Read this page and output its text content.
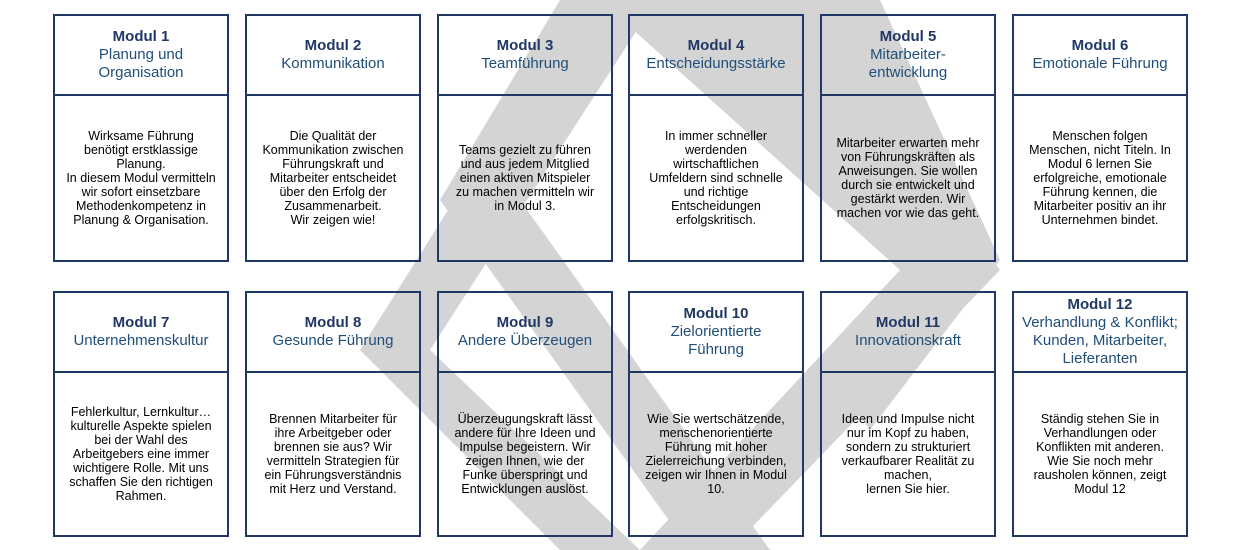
Modul 1
Planung und
Organisation
Wirksame Führung
benötigt erstklassige
Planung.
In diesem Modul vermitteln
wir sofort einsetzbare
Methodenkompetenz in
Planung & Organisation.
Modul 2
Kommunikation
Die Qualität der
Kommunikation zwischen
Führungskraft und
Mitarbeiter entscheidet
über den Erfolg der
Zusammenarbeit.
Wir zeigen wie!
Modul 3
Teamführung
Teams gezielt zu führen
und aus jedem Mitglied
einen aktiven Mitspieler
zu machen vermitteln wir
in Modul 3.
Modul 4
Entscheidungsstärke
In immer schneller
werdenden
wirtschaftlichen
Umfeldern sind schnelle
und richtige
Entscheidungen
erfolgskritisch.
Modul 5
Mitarbeiter-
entwicklung
Mitarbeiter erwarten mehr
von Führungskräften als
Anweisungen. Sie wollen
durch sie entwickelt und
gestärkt werden. Wir
machen vor wie das geht.
Modul 6
Emotionale Führung
Menschen folgen
Menschen, nicht Titeln. In
Modul 6 lernen Sie
erfolgreiche, emotionale
Führung kennen, die
Mitarbeiter positiv an ihr
Unternehmen bindet.
Modul 7
Unternehmenskultur
Fehlerkultur, Lernkultur…
kulturelle Aspekte spielen
bei der Wahl des
Arbeitgebers eine immer
wichtigere Rolle. Mit uns
schaffen Sie den richtigen
Rahmen.
Modul 8
Gesunde Führung
Brennen Mitarbeiter für
ihre Arbeitgeber oder
brennen sie aus? Wir
vermitteln Strategien für
ein Führungsverständnis
mit Herz und Verstand.
Modul 9
Andere Überzeugen
Überzeugungskraft lässt
andere für Ihre Ideen und
Impulse begeistern. Wir
zeigen Ihnen, wie der
Funke überspringt und
Entwicklungen auslöst.
Modul 10
Zielorientierte
Führung
Wie Sie wertschätzende,
menschenorientierte
Führung mit hoher
Zielerreichung verbinden,
zeigen wir Ihnen in Modul
10.
Modul 11
Innovationskraft
Ideen und Impulse nicht
nur im Kopf zu haben,
sondern zu strukturiert
verkaufbarer Realität zu
machen,
lernen Sie hier.
Modul 12
Verhandlung & Konflikt;
Kunden, Mitarbeiter,
Lieferanten
Ständig stehen Sie in
Verhandlungen oder
Konflikten mit anderen.
Wie Sie noch mehr
rausholen können, zeigt
Modul 12
